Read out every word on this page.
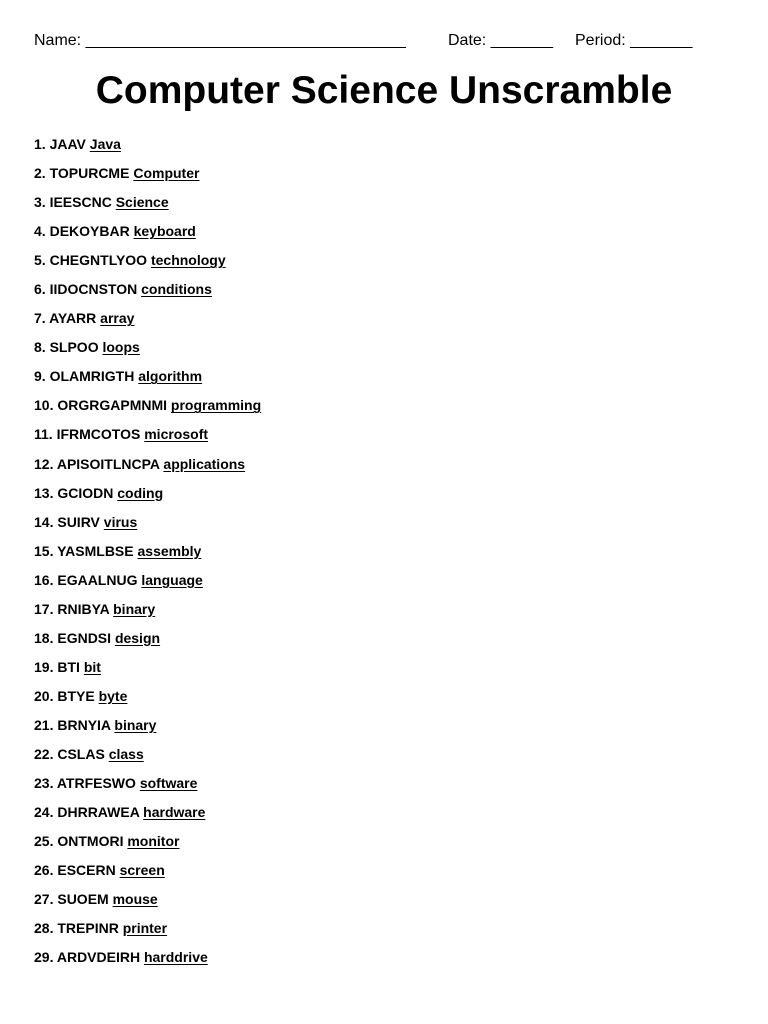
Name: ____________________________________	Date: _______ Period: _______
Computer Science Unscramble
1. JAAV Java
2. TOPURCME Computer
3. IEESCNC Science
4. DEKOYBAR keyboard
5. CHEGNTLYOO technology
6. IIDOCNSTON conditions
7. AYARR array
8. SLPOO loops
9. OLAMRIGTH algorithm
10. ORGRGAPMNMI programming
11. IFRMCOTOS microsoft
12. APISOITLNCPA applications
13. GCIODN coding
14. SUIRV virus
15. YASMLBSE assembly
16. EGAALNUG language
17. RNIBYA binary
18. EGNDSI design
19. BTI bit
20. BTYE byte
21. BRNYIA binary
22. CSLAS class
23. ATRFESWO software
24. DHRRAWEA hardware
25. ONTMORI monitor
26. ESCERN screen
27. SUOEM mouse
28. TREPINR printer
29. ARDVDEIRH harddrive
